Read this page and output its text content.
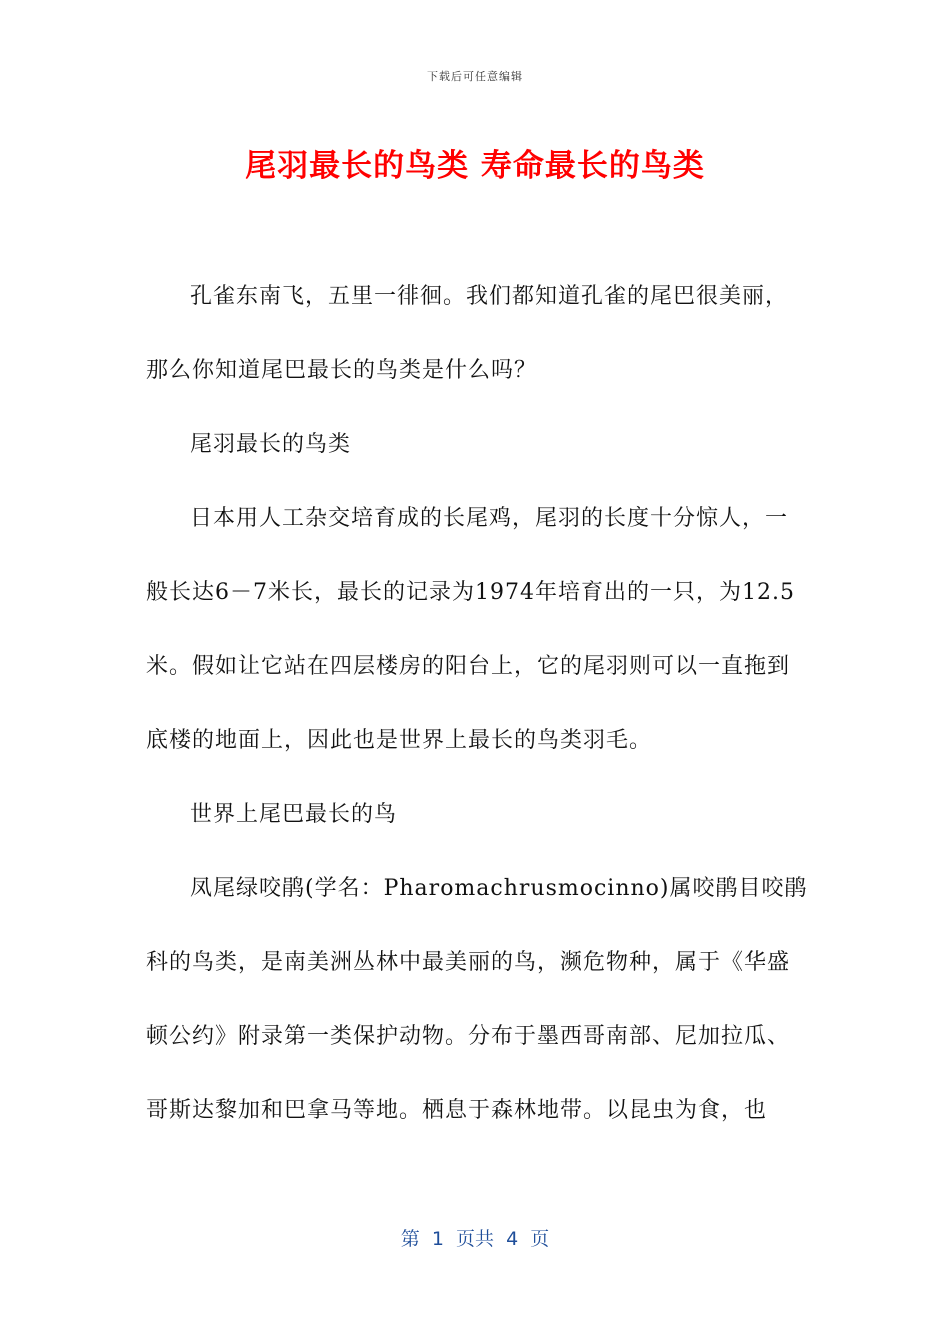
下载后可任意编辑
尾羽最长的鸟类 寿命最长的鸟类

孔雀东南飞，五里一徘徊。我们都知道孔雀的尾巴很美丽，那么你知道尾巴最长的鸟类是什么吗？

尾羽最长的鸟类

日本用人工杂交培育成的长尾鸡，尾羽的长度十分惊人，一般长达6－7米长，最长的记录为1974年培育出的一只，为12.5米。假如让它站在四层楼房的阳台上，它的尾羽则可以一直拖到底楼的地面上，因此也是世界上最长的鸟类羽毛。

世界上尾巴最长的鸟

凤尾绿咬鹃(学名：Pharomachrusmocinno)属咬鹃目咬鹃科的鸟类，是南美洲丛林中最美丽的鸟，濒危物种，属于《华盛顿公约》附录第一类保护动物。分布于墨西哥南部、尼加拉瓜、哥斯达黎加和巴拿马等地。栖息于森林地带。以昆虫为食，也

第  1  页共  4  页
